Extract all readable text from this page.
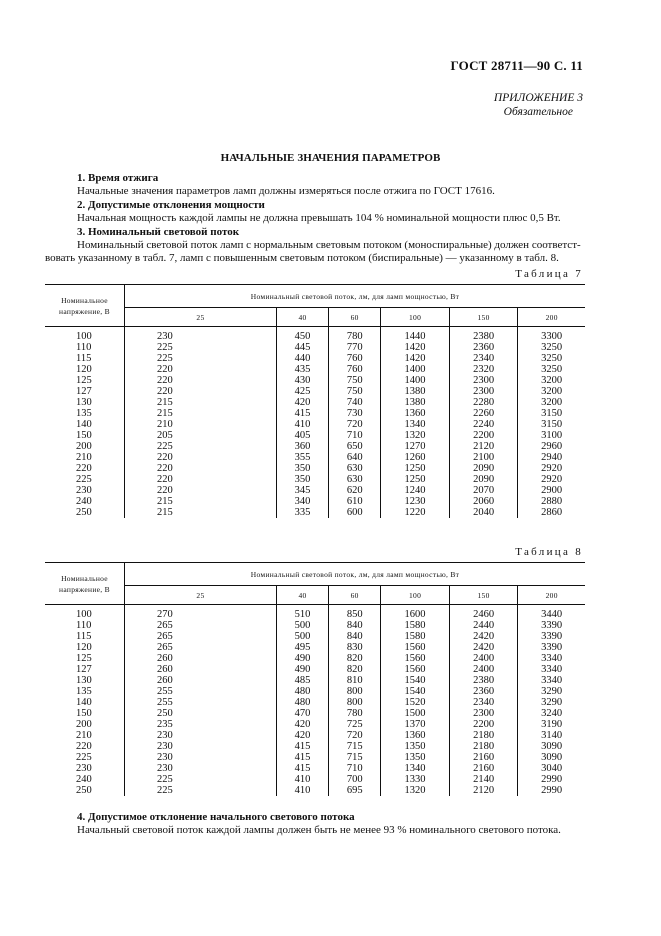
ГОСТ 28711—90 С. 11
ПРИЛОЖЕНИЕ 3
Обязательное
НАЧАЛЬНЫЕ ЗНАЧЕНИЯ ПАРАМЕТРОВ
1. Время отжига
Начальные значения параметров ламп должны измеряться после отжига по ГОСТ 17616.
2. Допустимые отклонения мощности
Начальная мощность каждой лампы не должна превышать 104 % номинальной мощности плюс 0,5 Вт.
3. Номинальный световой поток
Номинальный световой поток ламп с нормальным световым потоком (моноспиральные) должен соответст-
вовать указанному в табл. 7, ламп с повышенным световым потоком (биспиральные) — указанному в табл. 8.
Таблица 7
Номинальное
напряжение, В	Номинальный световой поток, лм, для ламп мощностью, Вт					
	25	40	60	100	150	200
100	230	450	780	1440	2380	3300
110	225	445	770	1420	2360	3250
115	225	440	760	1420	2340	3250
120	220	435	760	1400	2320	3250
125	220	430	750	1400	2300	3200
127	220	425	750	1380	2300	3200
130	215	420	740	1380	2280	3200
135	215	415	730	1360	2260	3150
140	210	410	720	1340	2240	3150
150	205	405	710	1320	2200	3100
200	225	360	650	1270	2120	2960
210	220	355	640	1260	2100	2940
220	220	350	630	1250	2090	2920
225	220	350	630	1250	2090	2920
230	220	345	620	1240	2070	2900
240	215	340	610	1230	2060	2880
250	215	335	600	1220	2040	2860
Таблица 8
Номинальное
напряжение, В	Номинальный световой поток, лм, для ламп мощностью, Вт					
	25	40	60	100	150	200
100	270	510	850	1600	2460	3440
110	265	500	840	1580	2440	3390
115	265	500	840	1580	2420	3390
120	265	495	830	1560	2420	3390
125	260	490	820	1560	2400	3340
127	260	490	820	1560	2400	3340
130	260	485	810	1540	2380	3340
135	255	480	800	1540	2360	3290
140	255	480	800	1520	2340	3290
150	250	470	780	1500	2300	3240
200	235	420	725	1370	2200	3190
210	230	420	720	1360	2180	3140
220	230	415	715	1350	2180	3090
225	230	415	715	1350	2160	3090
230	230	415	710	1340	2160	3040
240	225	410	700	1330	2140	2990
250	225	410	695	1320	2120	2990
4. Допустимое отклонение начального светового потока
Начальный световой поток каждой лампы должен быть не менее 93 % номинального светового потока.
